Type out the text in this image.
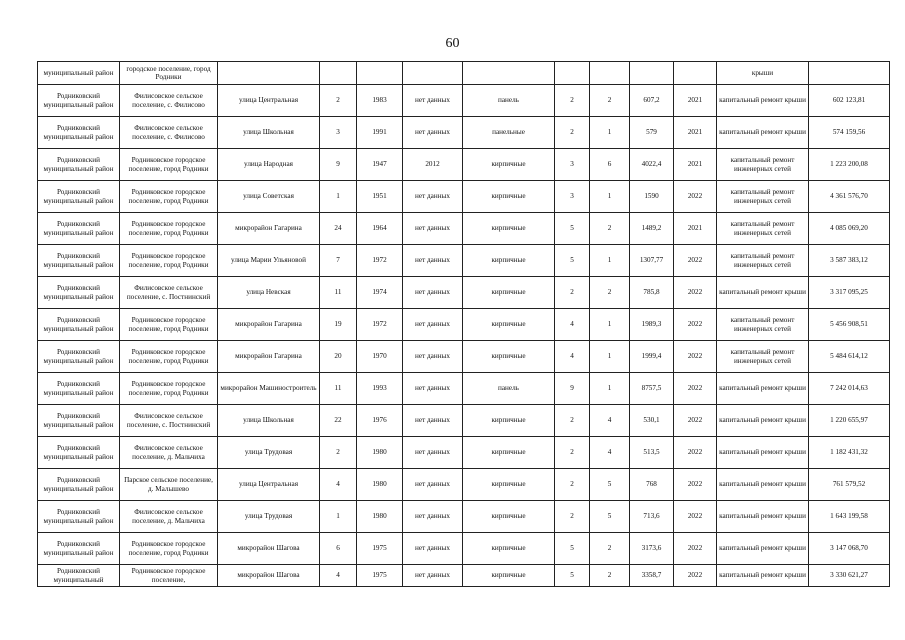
60
муниципальный район	городское поселение, город Родники										крыши	
Родниковский муниципальный район	Филисовское сельское поселение, с. Филисово	улица Центральная	2	1983	нет данных	панель	2	2	607,2	2021	капитальный ремонт крыши	602 123,81
Родниковский муниципальный район	Филисовское сельское поселение, с. Филисово	улица Школьная	3	1991	нет данных	панельные	2	1	579	2021	капитальный ремонт крыши	574 159,56
Родниковский муниципальный район	Родниковское городское поселение, город Родники	улица Народная	9	1947	2012	кирпичные	3	6	4022,4	2021	капитальный ремонт инженерных сетей	1 223 200,08
Родниковский муниципальный район	Родниковское городское поселение, город Родники	улица Советская	1	1951	нет данных	кирпичные	3	1	1590	2022	капитальный ремонт инженерных сетей	4 361 576,70
Родниковский муниципальный район	Родниковское городское поселение, город Родники	микрорайон Гагарина	24	1964	нет данных	кирпичные	5	2	1489,2	2021	капитальный ремонт инженерных сетей	4 085 069,20
Родниковский муниципальный район	Родниковское городское поселение, город Родники	улица Марии Ульяновой	7	1972	нет данных	кирпичные	5	1	1307,77	2022	капитальный ремонт инженерных сетей	3 587 383,12
Родниковский муниципальный район	Филисовское сельское поселение, с. Постнинский	улица Невская	11	1974	нет данных	кирпичные	2	2	785,8	2022	капитальный ремонт крыши	3 317 095,25
Родниковский муниципальный район	Родниковское городское поселение, город Родники	микрорайон Гагарина	19	1972	нет данных	кирпичные	4	1	1989,3	2022	капитальный ремонт инженерных сетей	5 456 908,51
Родниковский муниципальный район	Родниковское городское поселение, город Родники	микрорайон Гагарина	20	1970	нет данных	кирпичные	4	1	1999,4	2022	капитальный ремонт инженерных сетей	5 484 614,12
Родниковский муниципальный район	Родниковское городское поселение, город Родники	микрорайон Машиностроитель	11	1993	нет данных	панель	9	1	8757,5	2022	капитальный ремонт крыши	7 242 014,63
Родниковский муниципальный район	Филисовское сельское поселение, с. Постнинский	улица Школьная	22	1976	нет данных	кирпичные	2	4	530,1	2022	капитальный ремонт крыши	1 220 655,97
Родниковский муниципальный район	Филисовское сельское поселение, д. Мальчиха	улица Трудовая	2	1980	нет данных	кирпичные	2	4	513,5	2022	капитальный ремонт крыши	1 182 431,32
Родниковский муниципальный район	Парское сельское поселение, д. Малышево	улица Центральная	4	1980	нет данных	кирпичные	2	5	768	2022	капитальный ремонт крыши	761 579,52
Родниковский муниципальный район	Филисовское сельское поселение, д. Мальчиха	улица Трудовая	1	1980	нет данных	кирпичные	2	5	713,6	2022	капитальный ремонт крыши	1 643 199,58
Родниковский муниципальный район	Родниковское городское поселение, город Родники	микрорайон Шагова	6	1975	нет данных	кирпичные	5	2	3173,6	2022	капитальный ремонт крыши	3 147 068,70
Родниковский муниципальный	Родниковское городское поселение,	микрорайон Шагова	4	1975	нет данных	кирпичные	5	2	3358,7	2022	капитальный ремонт крыши	3 330 621,27
